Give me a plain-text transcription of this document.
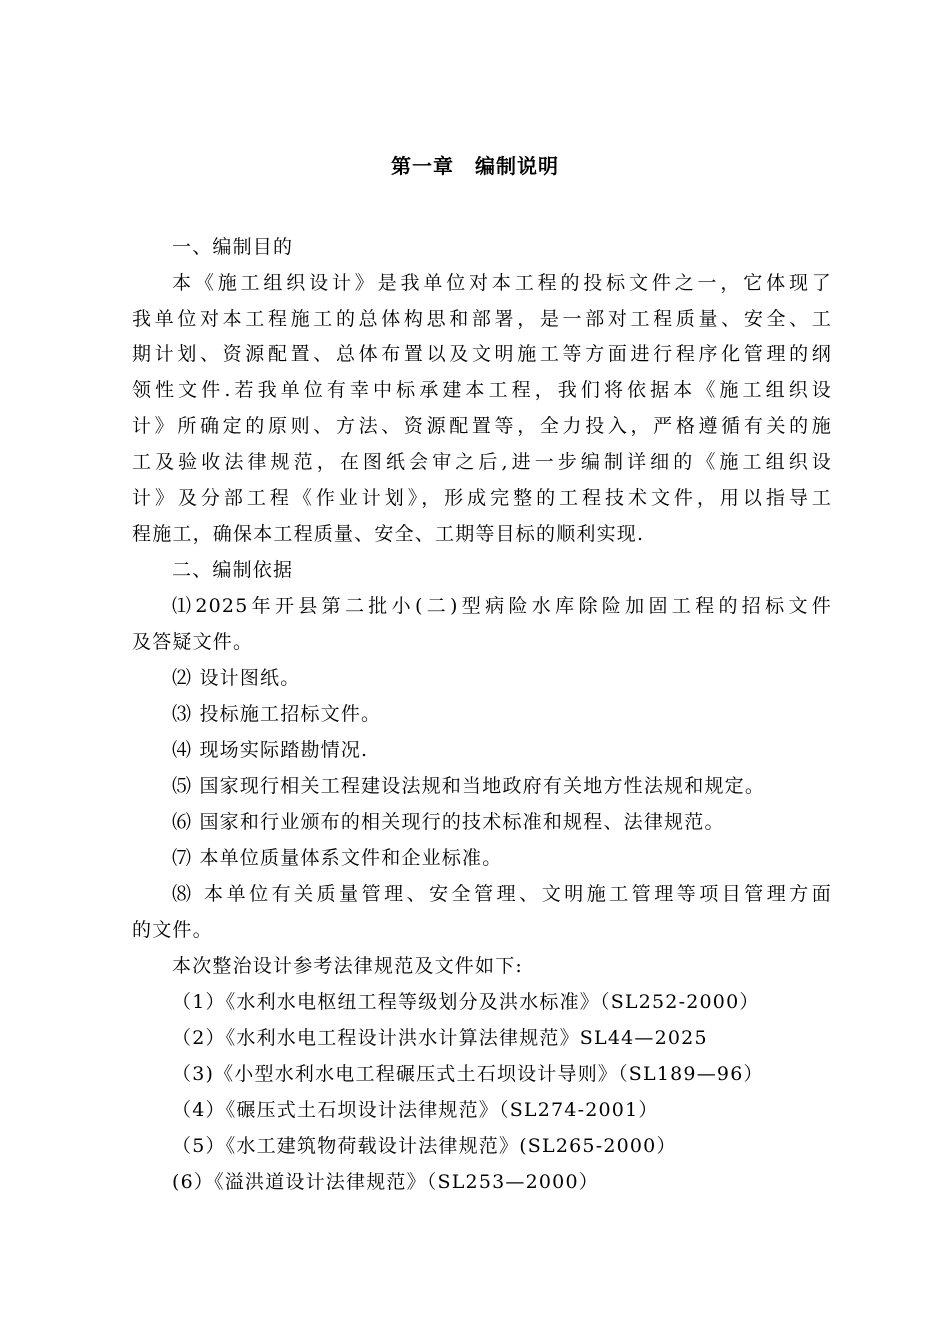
第一章　编制说明
一、编制目的
本《施工组织设计》是我单位对本工程的投标文件之一，它体现了
我单位对本工程施工的总体构思和部署，是一部对工程质量、安全、工
期计划、资源配置、总体布置以及文明施工等方面进行程序化管理的纲
领性文件.若我单位有幸中标承建本工程，我们将依据本《施工组织设
计》所确定的原则、方法、资源配置等，全力投入，严格遵循有关的施
工及验收法律规范，在图纸会审之后,进一步编制详细的《施工组织设
计》及分部工程《作业计划》，形成完整的工程技术文件，用以指导工
程施工，确保本工程质量、安全、工期等目标的顺利实现.
二、编制依据
⑴2025年开县第二批小(二)型病险水库除险加固工程的招标文件
及答疑文件。
⑵ 设计图纸。
⑶ 投标施工招标文件。
⑷ 现场实际踏勘情况.
⑸ 国家现行相关工程建设法规和当地政府有关地方性法规和规定。
⑹ 国家和行业颁布的相关现行的技术标准和规程、法律规范。
⑺ 本单位质量体系文件和企业标准。
⑻ 本单位有关质量管理、安全管理、文明施工管理等项目管理方面
的文件。
本次整治设计参考法律规范及文件如下:
（1）《水利水电枢纽工程等级划分及洪水标准》（SL252-2000）
（2）《水利水电工程设计洪水计算法律规范》SL44—2025
（3)《小型水利水电工程碾压式土石坝设计导则》（SL189—96）
（4）《碾压式土石坝设计法律规范》（SL274-2001）
（5）《水工建筑物荷载设计法律规范》(SL265-2000）
(6）《溢洪道设计法律规范》（SL253—2000）
